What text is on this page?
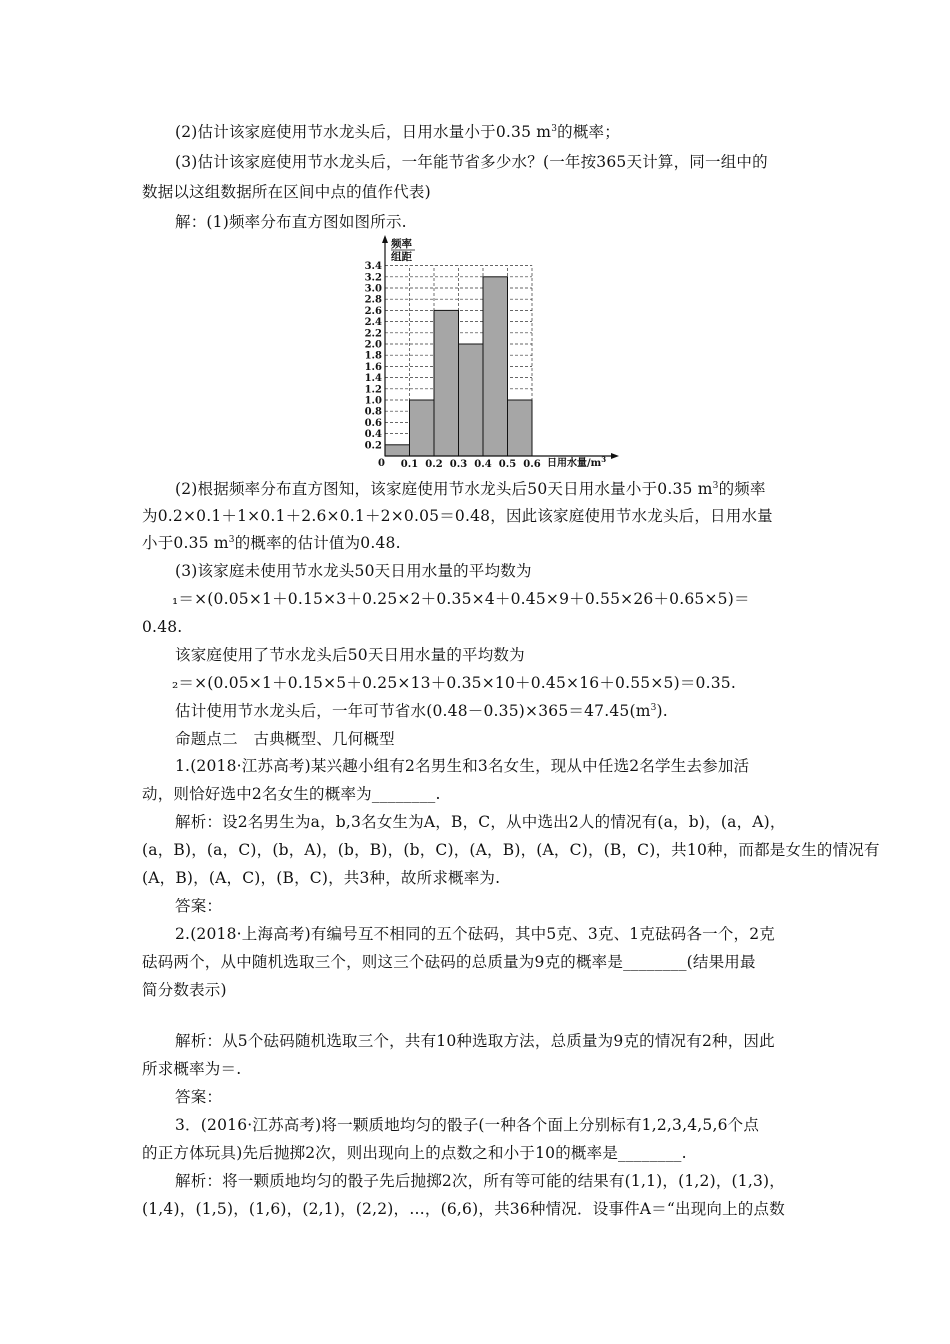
(2)估计该家庭使用节水龙头后，日用水量小于0.35 $m^3$的概率；
(3)估计该家庭使用节水龙头后，一年能节省多少水？(一年按365天计算，同一组中的
数据以这组数据所在区间中点的值作代表)
解：(1)频率分布直方图如图所示.
0.2
0.4
0.6
0.8
1.0
1.2
1.4
1.6
1.8
2.0
2.2
2.4
2.6
2.8
3.0
3.2
3.4
0.1 0.2 0.3 0.4 0.5 0.6
频率
组距
0	日用水量$/m^3$
(2)根据频率分布直方图知，该家庭使用节水龙头后50天日用水量小于0.35 $m^3$的频率
为0.2×0.1＋1×0.1＋2.6×0.1＋2×0.05＝0.48，因此该家庭使用节水龙头后，日用水量
小于0.35 $m^3$的概率的估计值为0.48.
(3)该家庭未使用节水龙头50天日用水量的平均数为
₁＝×(0.05×1＋0.15×3＋0.25×2＋0.35×4＋0.45×9＋0.55×26＋0.65×5)＝
0.48.
该家庭使用了节水龙头后50天日用水量的平均数为
₂＝×(0.05×1＋0.15×5＋0.25×13＋0.35×10＋0.45×16＋0.55×5)＝0.35.
估计使用节水龙头后，一年可节省水$(0.48-0.35)\times 365=47.45(m^3)$.
命题点二　古典概型、几何概型
1.(2018·江苏高考)某兴趣小组有2名男生和3名女生，现从中任选2名学生去参加活
动，则恰好选中2名女生的概率为________.
解析：设2名男生为a，b,3名女生为A，B，C，从中选出2人的情况有(a，b)，(a，A)，
(a，B)，(a，C)，(b，A)，(b，B)，(b，C)，(A，B)，(A，C)，(B，C)，共10种，而都是女生的情况有
(A，B)，(A，C)，(B，C)，共3种，故所求概率为.
答案：
2.(2018·上海高考)有编号互不相同的五个砝码，其中5克、3克、1克砝码各一个，2克
砝码两个，从中随机选取三个，则这三个砝码的总质量为9克的概率是________(结果用最
简分数表示)
解析：从5个砝码随机选取三个，共有10种选取方法，总质量为9克的情况有2种，因此
所求概率为＝.
答案：
3．(2016·江苏高考)将一颗质地均匀的骰子(一种各个面上分别标有1,2,3,4,5,6个点
的正方体玩具)先后抛掷2次，则出现向上的点数之和小于10的概率是________.
解析：将一颗质地均匀的骰子先后抛掷2次，所有等可能的结果有(1,1)，(1,2)，(1,3)，
(1,4)，(1,5)，(1,6)，(2,1)，(2,2)，…，(6,6)，共36种情况．设事件A＝“出现向上的点数
